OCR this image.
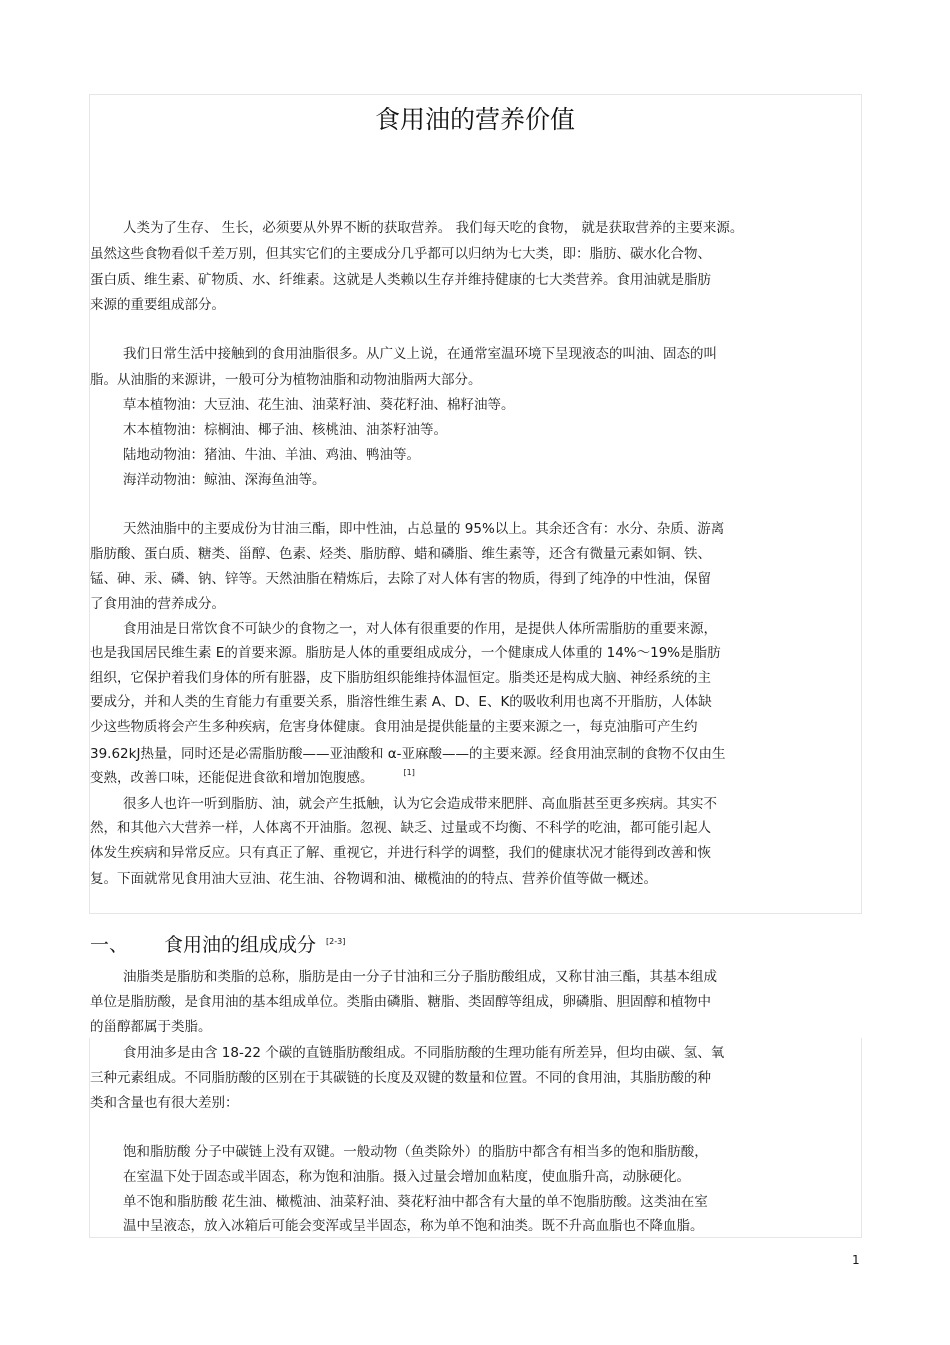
食用油的营养价值
人类为了生存、 生长，必须要从外界不断的获取营养。 我们每天吃的食物， 就是获取营养的主要来源。
虽然这些食物看似千差万别，但其实它们的主要成分几乎都可以归纳为七大类，即：脂肪、碳水化合物、
蛋白质、维生素、矿物质、水、纤维素。这就是人类赖以生存并维持健康的七大类营养。食用油就是脂肪
来源的重要组成部分。
我们日常生活中接触到的食用油脂很多。从广义上说，在通常室温环境下呈现液态的叫油、固态的叫
脂。从油脂的来源讲，一般可分为植物油脂和动物油脂两大部分。
草本植物油：大豆油、花生油、油菜籽油、葵花籽油、棉籽油等。
木本植物油：棕榈油、椰子油、核桃油、油茶籽油等。
陆地动物油：猪油、牛油、羊油、鸡油、鸭油等。
海洋动物油：鲸油、深海鱼油等。
天然油脂中的主要成份为甘油三酯，即中性油，占总量的 95%以上。其余还含有：水分、杂质、游离
脂肪酸、蛋白质、糖类、甾醇、色素、烃类、脂肪醇、蜡和磷脂、维生素等，还含有微量元素如铜、铁、
锰、砷、汞、磷、钠、锌等。天然油脂在精炼后，去除了对人体有害的物质，得到了纯净的中性油，保留
了食用油的营养成分。
食用油是日常饮食不可缺少的食物之一，对人体有很重要的作用，是提供人体所需脂肪的重要来源，
也是我国居民维生素 E的首要来源。脂肪是人体的重要组成成分，一个健康成人体重的 14%～19%是脂肪
组织，它保护着我们身体的所有脏器，皮下脂肪组织能维持体温恒定。脂类还是构成大脑、神经系统的主
要成分，并和人类的生育能力有重要关系，脂溶性维生素 A、D、E、K的吸收利用也离不开脂肪，人体缺
少这些物质将会产生多种疾病，危害身体健康。食用油是提供能量的主要来源之一，每克油脂可产生约
39.62kJ热量，同时还是必需脂肪酸——亚油酸和 α-亚麻酸——的主要来源。经食用油烹制的食物不仅由生
变熟，改善口味，还能促进食欲和增加饱腹感。	[1]
很多人也许一听到脂肪、油，就会产生抵触，认为它会造成带来肥胖、高血脂甚至更多疾病。其实不
然，和其他六大营养一样，人体离不开油脂。忽视、缺乏、过量或不均衡、不科学的吃油，都可能引起人
体发生疾病和异常反应。只有真正了解、重视它，并进行科学的调整，我们的健康状况才能得到改善和恢
复。下面就常见食用油大豆油、花生油、谷物调和油、橄榄油的的特点、营养价值等做一概述。
一、 食用油的组成成分 [2-3]
油脂类是脂肪和类脂的总称，脂肪是由一分子甘油和三分子脂肪酸组成，又称甘油三酯，其基本组成
单位是脂肪酸，是食用油的基本组成单位。类脂由磷脂、糖脂、类固醇等组成，卵磷脂、胆固醇和植物中
的甾醇都属于类脂。
食用油多是由含 18-22 个碳的直链脂肪酸组成。不同脂肪酸的生理功能有所差异，但均由碳、氢、氧
三种元素组成。不同脂肪酸的区别在于其碳链的长度及双键的数量和位置。不同的食用油，其脂肪酸的种
类和含量也有很大差别：
饱和脂肪酸 分子中碳链上没有双键。一般动物（鱼类除外）的脂肪中都含有相当多的饱和脂肪酸，
在室温下处于固态或半固态，称为饱和油脂。摄入过量会增加血粘度，使血脂升高，动脉硬化。
单不饱和脂肪酸 花生油、橄榄油、油菜籽油、葵花籽油中都含有大量的单不饱脂肪酸。这类油在室
温中呈液态，放入冰箱后可能会变浑或呈半固态，称为单不饱和油类。既不升高血脂也不降血脂。
1
